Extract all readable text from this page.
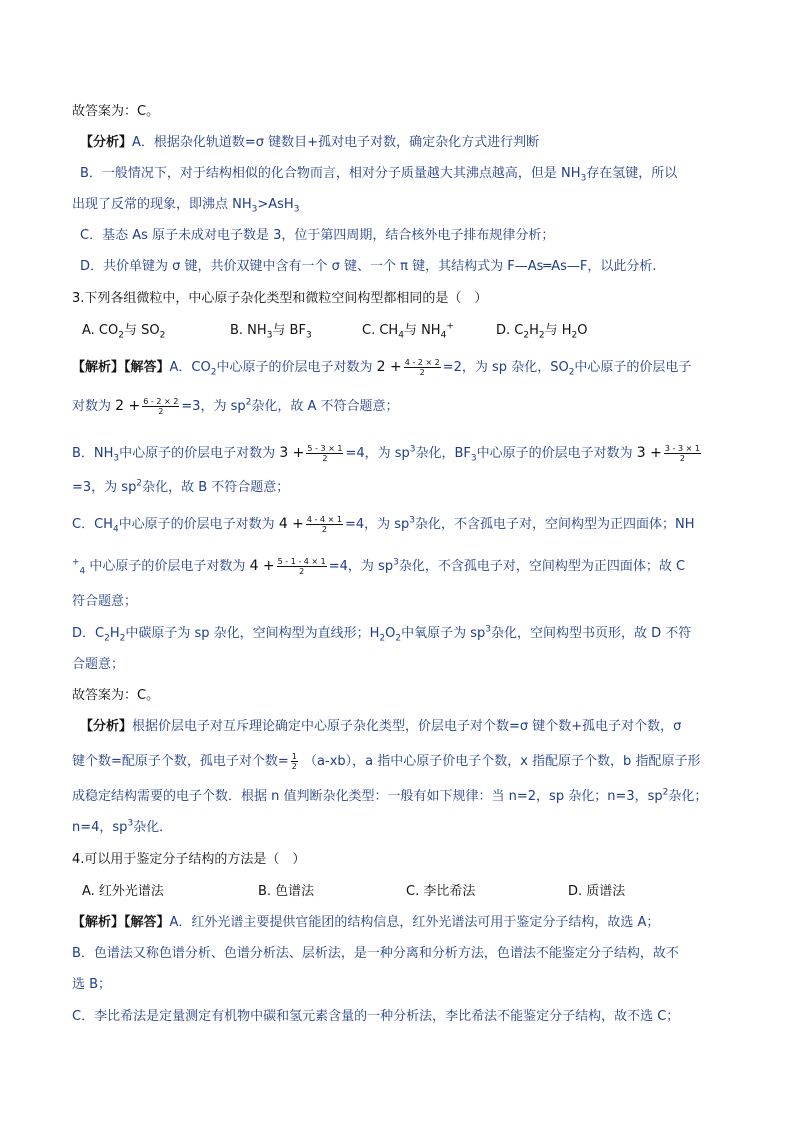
故答案为：C。
【分析】A．根据杂化轨道数=σ 键数目+孤对电子对数，确定杂化方式进行判断
B．一般情况下，对于结构相似的化合物而言，相对分子质量越大其沸点越高，但是 $NH_3$存在氢键，所以
出现了反常的现象，即沸点 $NH_3>AsH_3$
C．基态 As 原子未成对电子数是 3，位于第四周期，结合核外电子排布规律分析；
D．共价单键为 σ 键，共价双键中含有一个 σ 键、一个 π 键，其结构式为 F—As═As—F，以此分析.
3.下列各组微粒中，中心原子杂化类型和微粒空间构型都相同的是（　）
A. $CO_2$与 $SO_2$	B. $NH_3$与 $BF_3$	C. $CH_4$与 $NH_4^+$	D. $C_2H_2$与 $H_2O$
【解析】【解答】A．$CO_2$中心原子的价层电子对数为 $2 + \frac{4 - 2 \times 2}{2} =2$，为 sp 杂化，$SO_2$中心原子的价层电子
对数为 $2 + \frac{6 - 2 \times 2}{2} =3$，为 $sp^2$杂化，故 A 不符合题意；
B．$NH_3$中心原子的价层电子对数为 $3 + \frac{5 - 3 \times 1}{2} =4$，为 $sp^3$杂化，$BF_3$中心原子的价层电子对数为 $3 + \frac{3 - 3 \times 1}{2}$
=3，为 $sp^2$杂化，故 B 不符合题意；
C．$CH_4$中心原子的价层电子对数为 $4 + \frac{4 - 4 \times 1}{2} =4$，为 $sp^3$杂化，不含孤电子对，空间构型为正四面体；NH
+$_4$ 中心原子的价层电子对数为 $4 + \frac{5 - 1 - 4 \times 1}{2} =4$，为 $sp^3$杂化，不含孤电子对，空间构型为正四面体；故 C
符合题意；
D．$C_2H_2$中碳原子为 sp 杂化，空间构型为直线形；$H_2O_2$中氧原子为 $sp^3$杂化，空间构型书页形，故 D 不符
合题意；
故答案为：C。
【分析】根据价层电子对互斥理论确定中心原子杂化类型，价层电子对个数=σ 键个数+孤电子对个数，σ
键个数=配原子个数，孤电子对个数= $\frac{1}{2} (a-xb)$，a 指中心原子价电子个数，x 指配原子个数，b 指配原子形
成稳定结构需要的电子个数．根据 n 值判断杂化类型：一般有如下规律：当 n=2，sp 杂化；n=3，$sp^2$杂化；
n=4，$sp^3$杂化．
4.可以用于鉴定分子结构的方法是（　）
A. 红外光谱法	B. 色谱法	C. 李比希法	D. 质谱法
【解析】【解答】A．红外光谱主要提供官能团的结构信息，红外光谱法可用于鉴定分子结构，故选 A；
B．色谱法又称色谱分析、色谱分析法、层析法，是一种分离和分析方法，色谱法不能鉴定分子结构，故不
选 B；
C．李比希法是定量测定有机物中碳和氢元素含量的一种分析法，李比希法不能鉴定分子结构，故不选 C；
